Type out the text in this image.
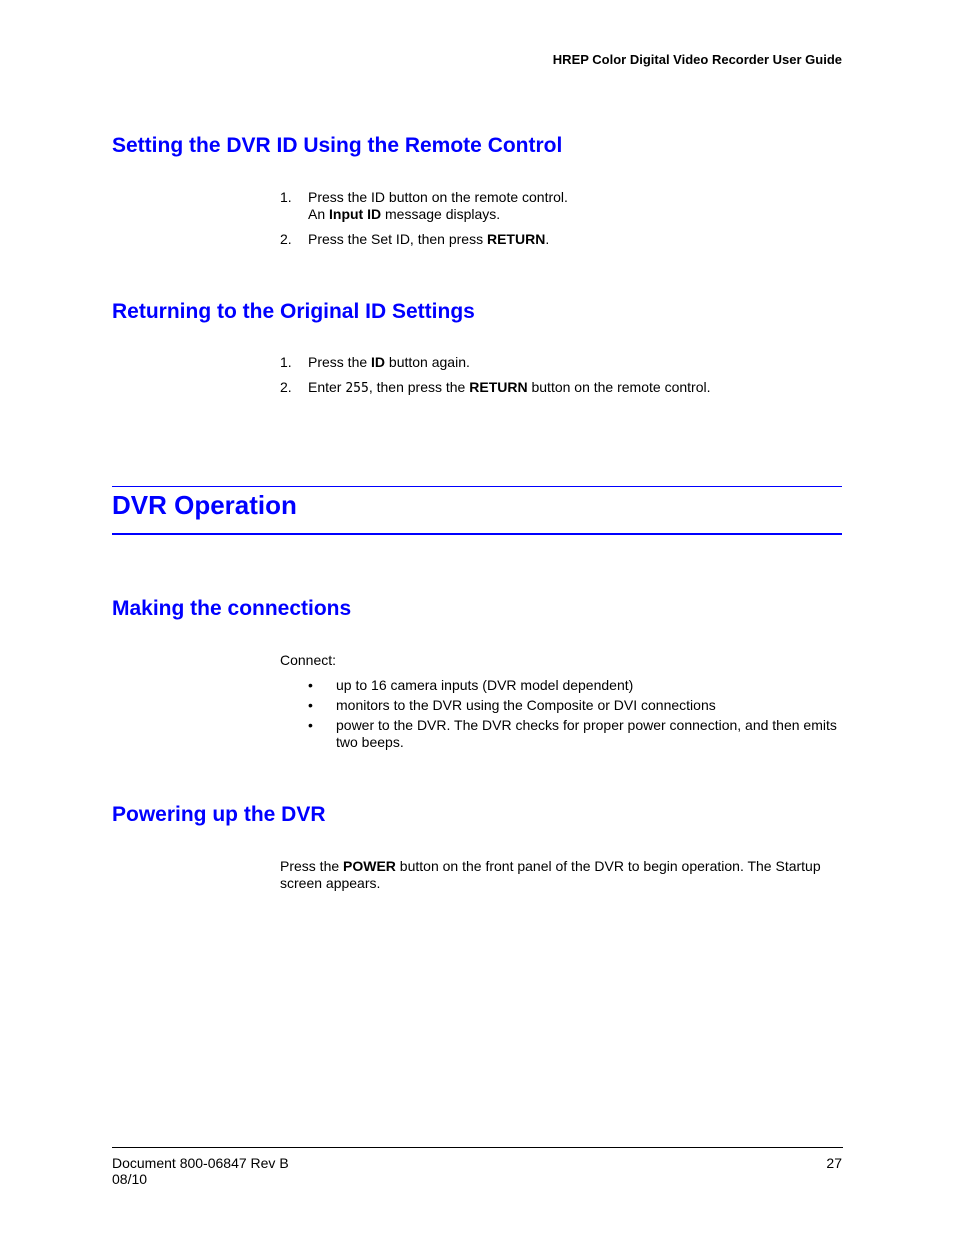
HREP Color Digital Video Recorder User Guide
Setting the DVR ID Using the Remote Control
1. Press the ID button on the remote control.
An Input ID message displays.
2. Press the Set ID, then press RETURN.
Returning to the Original ID Settings
1. Press the ID button again.
2. Enter 255, then press the RETURN button on the remote control.
DVR Operation
Making the connections

Connect:

• up to 16 camera inputs (DVR model dependent)
• monitors to the DVR using the Composite or DVI connections
• power to the DVR. The DVR checks for proper power connection, and then emits two beeps.
Powering up the DVR

Press the POWER button on the front panel of the DVR to begin operation. The Startup screen appears.

Document 800-06847 Rev B
08/10
27
